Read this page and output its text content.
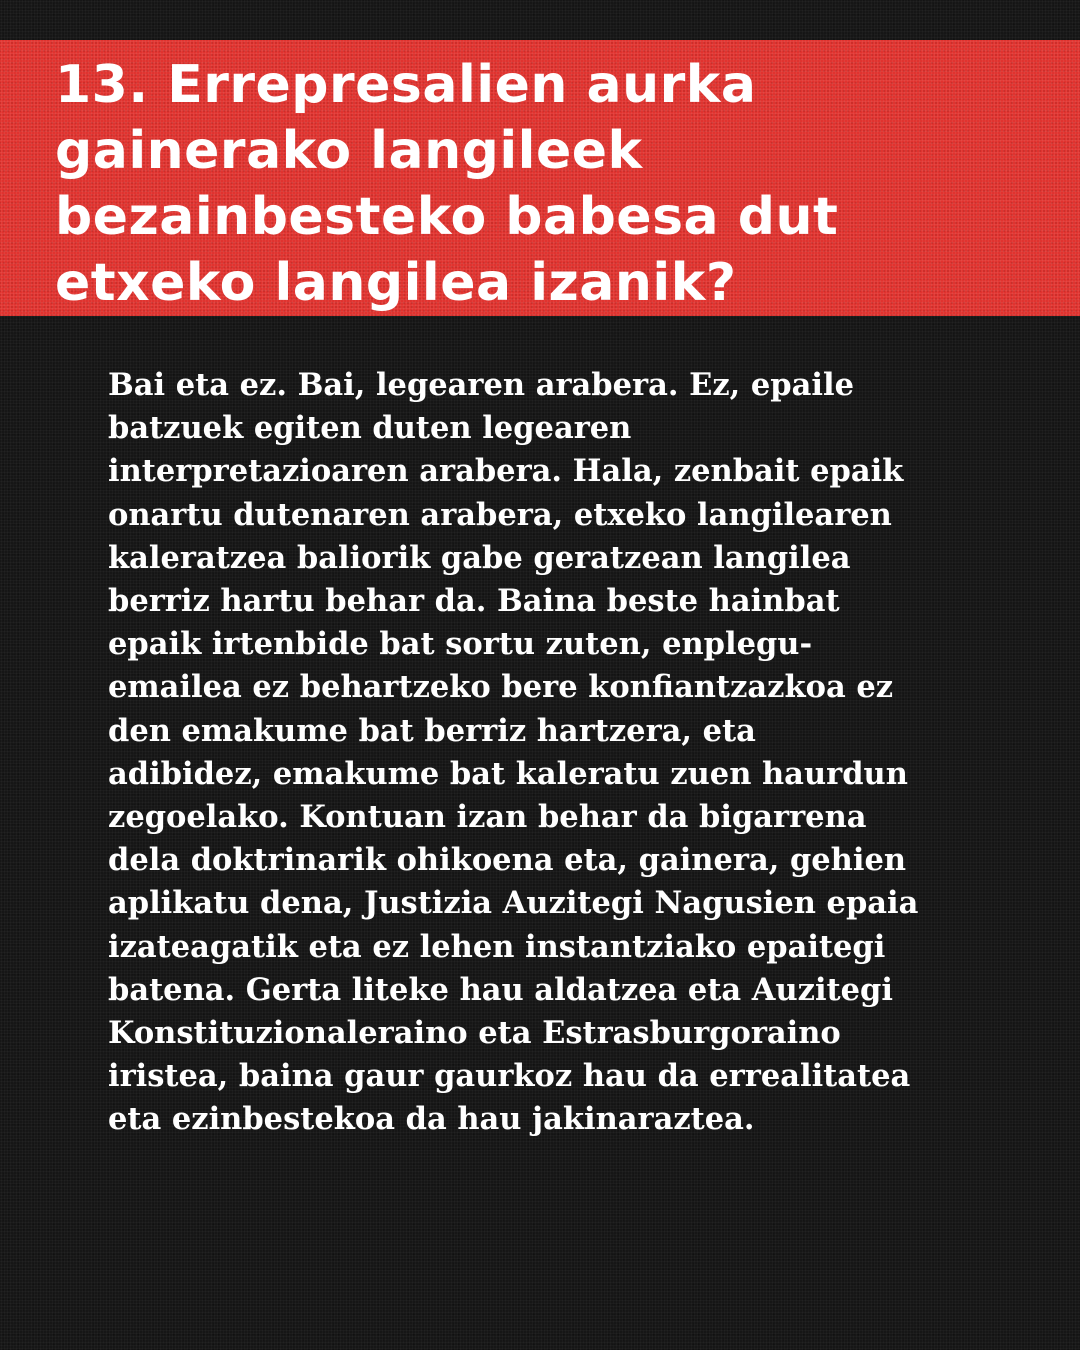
13. Errepresalien aurka
gainerako langileek
bezainbesteko babesa dut
etxeko langilea izanik?

Bai eta ez. Bai, legearen arabera. Ez, epaile
batzuek egiten duten legearen
interpretazioaren arabera. Hala, zenbait epaik
onartu dutenaren arabera, etxeko langilearen
kaleratzea baliorik gabe geratzean langilea
berriz hartu behar da. Baina beste hainbat
epaik irtenbide bat sortu zuten, enplegu-
emailea ez behartzeko bere konfiantzazkoa ez
den emakume bat berriz hartzera, eta
adibidez, emakume bat kaleratu zuen haurdun
zegoelako. Kontuan izan behar da bigarrena
dela doktrinarik ohikoena eta, gainera, gehien
aplikatu dena, Justizia Auzitegi Nagusien epaia
izateagatik eta ez lehen instantziako epaitegi
batena. Gerta liteke hau aldatzea eta Auzitegi
Konstituzionaleraino eta Estrasburgoraino
iristea, baina gaur gaurkoz hau da errealitatea
eta ezinbestekoa da hau jakinaraztea.
